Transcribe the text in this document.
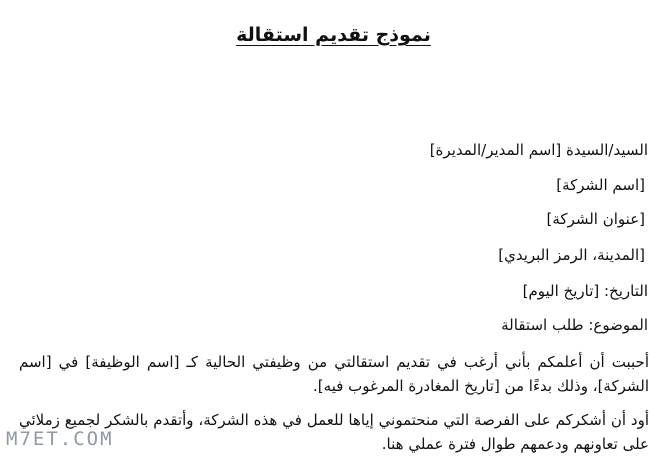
نموذج تقديم استقالة
السيد/السيدة [اسم المدير/المديرة]
[اسم الشركة]
[عنوان الشركة]
[المدينة، الرمز البريدي]
التاريخ: [تاريخ اليوم]
الموضوع: طلب استقالة
أحببت أن أعلمكم بأني أرغب في تقديم استقالتي من وظيفتي الحالية كـ [اسم الوظيفة] في [اسم الشركة]، وذلك بدءًا من [تاريخ المغادرة المرغوب فيه].
أود أن أشكركم على الفرصة التي منحتموني إياها للعمل في هذه الشركة، وأتقدم بالشكر لجميع زملائي على تعاونهم ودعمهم طوال فترة عملي هنا.
M7ET.COM
